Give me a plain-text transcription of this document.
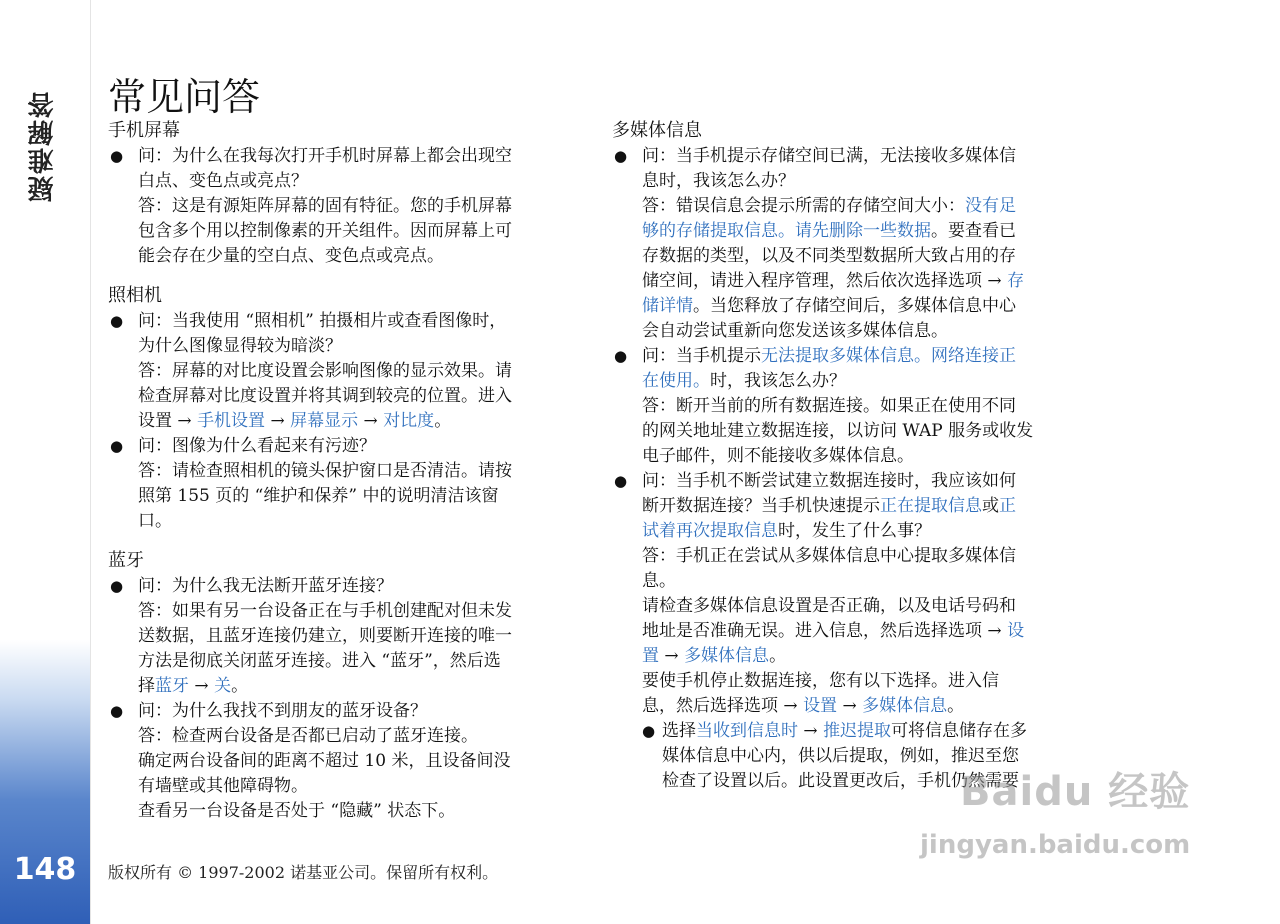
疑难解答
148
常见问答
手机屏幕
● 问：为什么在我每次打开手机时屏幕上都会出现空
白点、变色点或亮点？
答：这是有源矩阵屏幕的固有特征。您的手机屏幕
包含多个用以控制像素的开关组件。因而屏幕上可
能会存在少量的空白点、变色点或亮点。
照相机
● 问：当我使用 “照相机” 拍摄相片或查看图像时，
为什么图像显得较为暗淡？
答：屏幕的对比度设置会影响图像的显示效果。请
检查屏幕对比度设置并将其调到较亮的位置。进入
设置 → 手机设置 → 屏幕显示 → 对比度。
● 问：图像为什么看起来有污迹？
答：请检查照相机的镜头保护窗口是否清洁。请按
照第 155 页的 “维护和保养” 中的说明清洁该窗
口。
蓝牙
● 问：为什么我无法断开蓝牙连接？
答：如果有另一台设备正在与手机创建配对但未发
送数据，且蓝牙连接仍建立，则要断开连接的唯一
方法是彻底关闭蓝牙连接。进入 “蓝牙”，然后选
择蓝牙 → 关。
● 问：为什么我找不到朋友的蓝牙设备？
答：检查两台设备是否都已启动了蓝牙连接。
确定两台设备间的距离不超过 10 米，且设备间没
有墙壁或其他障碍物。
查看另一台设备是否处于 “隐藏” 状态下。
多媒体信息
● 问：当手机提示存储空间已满，无法接收多媒体信
息时，我该怎么办？
答：错误信息会提示所需的存储空间大小：没有足
够的存储提取信息。请先删除一些数据。要查看已
存数据的类型，以及不同类型数据所大致占用的存
储空间，请进入程序管理，然后依次选择选项 → 存
储详情。当您释放了存储空间后，多媒体信息中心
会自动尝试重新向您发送该多媒体信息。
● 问：当手机提示无法提取多媒体信息。网络连接正
在使用。时，我该怎么办？
答：断开当前的所有数据连接。如果正在使用不同
的网关地址建立数据连接，以访问 WAP 服务或收发
电子邮件，则不能接收多媒体信息。
● 问：当手机不断尝试建立数据连接时，我应该如何
断开数据连接？当手机快速提示正在提取信息或正
试着再次提取信息时，发生了什么事？
答：手机正在尝试从多媒体信息中心提取多媒体信
息。
请检查多媒体信息设置是否正确，以及电话号码和
地址是否准确无误。进入信息，然后选择选项 → 设
置 → 多媒体信息。
要使手机停止数据连接，您有以下选择。进入信
息，然后选择选项 → 设置 → 多媒体信息。
● 选择当收到信息时 → 推迟提取可将信息储存在多
媒体信息中心内，供以后提取，例如，推迟至您
检查了设置以后。此设置更改后，手机仍然需要
版权所有 © 1997-2002 诺基亚公司。保留所有权利。
Baidu 经验
jingyan.baidu.com
